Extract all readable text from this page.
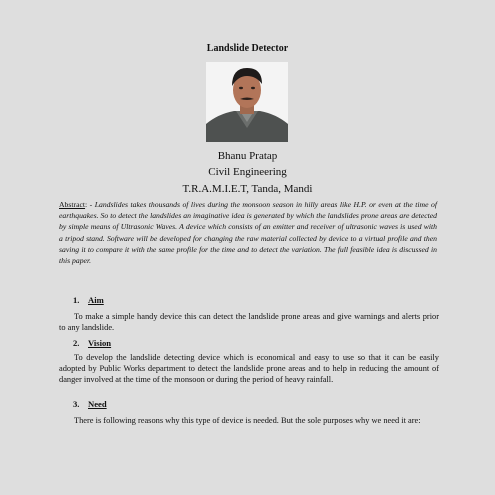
Landslide Detector
Bhanu Pratap
Civil Engineering
T.R.A.M.I.E.T, Tanda, Mandi
Abstract: - Landslides takes thousands of lives during the monsoon season in hilly areas like H.P. or even at the time of earthquakes. So to detect the landslides an imaginative idea is generated by which the landslides prone areas are detected by simple means of Ultrasonic Waves. A device which consists of an emitter and receiver of ultrasonic waves is used with a tripod stand. Software will be developed for changing the raw material collected by device to a virtual profile and then saving it to compare it with the same profile for the time and to detect the variation. The full feasible idea is discussed in this paper.
1. Aim
To make a simple handy device this can detect the landslide prone areas and give warnings and alerts prior to any landslide.
2. Vision
To develop the landslide detecting device which is economical and easy to use so that it can be easily adopted by Public Works department to detect the landslide prone areas and to help in reducing the amount of danger involved at the time of the monsoon or during the period of heavy rainfall.
3. Need
There is following reasons why this type of device is needed. But the sole purposes why we need it are:
